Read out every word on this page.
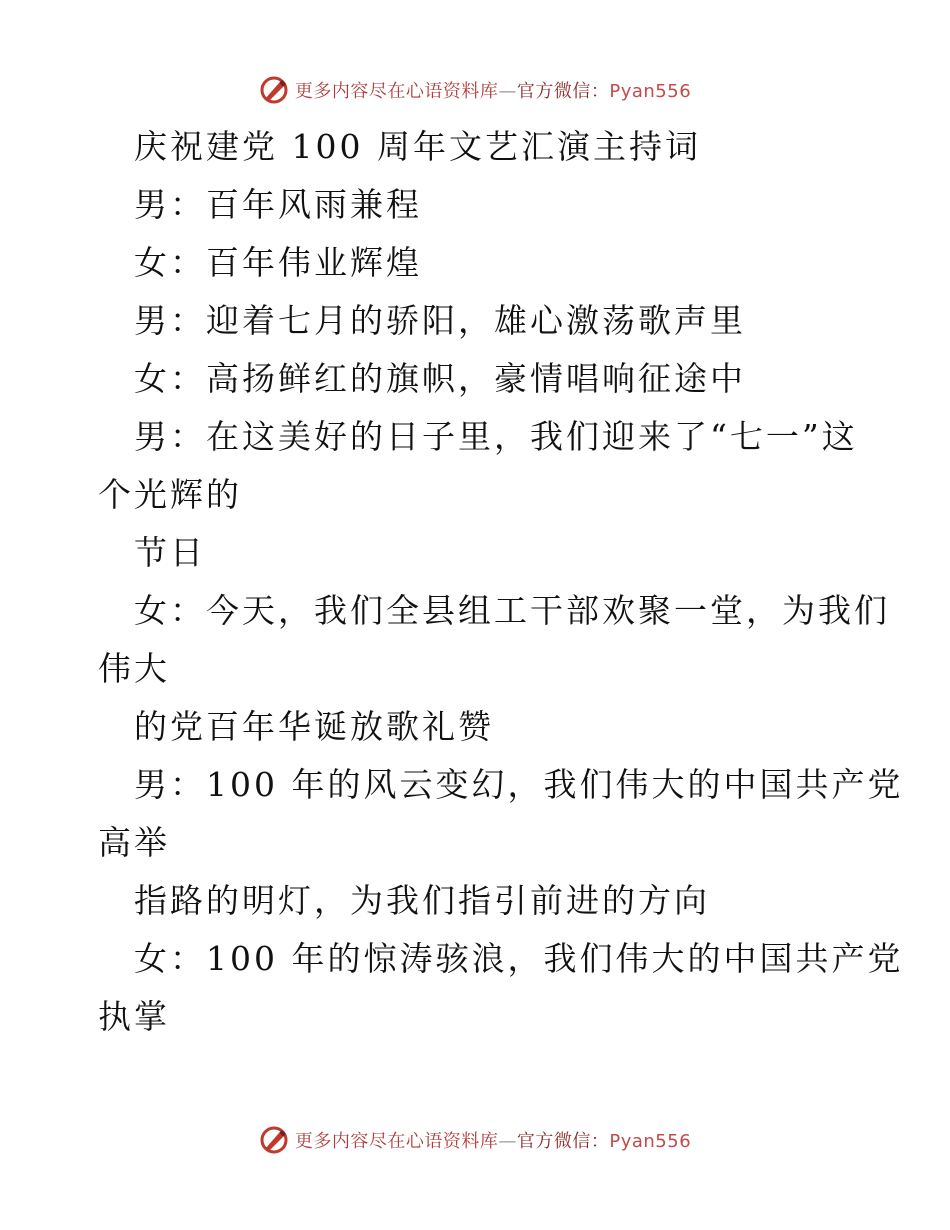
更多内容尽在心语资料库—官方微信：Pyan556
庆祝建党 100 周年文艺汇演主持词
男：百年风雨兼程
女：百年伟业辉煌
男：迎着七月的骄阳，雄心激荡歌声里
女：高扬鲜红的旗帜，豪情唱响征途中
男：在这美好的日子里，我们迎来了“七一”这
个光辉的
节日
女：今天，我们全县组工干部欢聚一堂，为我们
伟大
的党百年华诞放歌礼赞
男：100 年的风云变幻，我们伟大的中国共产党
高举
指路的明灯，为我们指引前进的方向
女：100 年的惊涛骇浪，我们伟大的中国共产党
执掌
更多内容尽在心语资料库—官方微信：Pyan556
